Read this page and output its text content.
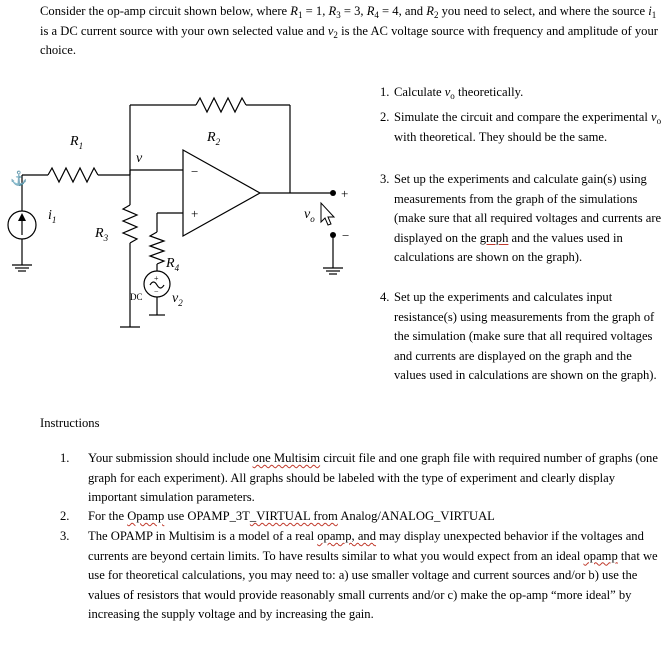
Consider the op-amp circuit shown below, where $R_1 = 1$, $R_3 = 3$, $R_4 = 4$, and $R_2$ you need to select, and where the source $i_1$ is a DC current source with your own selected value and $v_2$ is the AC voltage source with frequency and amplitude of your choice.
⚓
$R_1$
$R_2$
$R_3$
$R_4$
v
$i_1$	$v_o$
$v_2$
DC
+
−
−
+
+
−
1. Calculate $v_o$ theoretically.
2. Simulate the circuit and compare the experimental $v_o$ with theoretical. They should be the same.
3. Set up the experiments and calculate gain(s) using measurements from the graph of the simulations (make sure that all required voltages and currents are displayed on the graph and the values used in calculations are shown on the graph).
4. Set up the experiments and calculates input resistance(s) using measurements from the graph of the simulation (make sure that all required voltages and currents are displayed on the graph and the values used in calculations are shown on the graph).
Instructions
1. Your submission should include one Multisim circuit file and one graph file with required number of graphs (one graph for each experiment). All graphs should be labeled with the type of experiment and clearly display important simulation parameters.
2. For the Opamp use OPAMP_3T_VIRTUAL from Analog/ANALOG_VIRTUAL
3. The OPAMP in Multisim is a model of a real opamp, and may display unexpected behavior if the voltages and currents are beyond certain limits. To have results similar to what you would expect from an ideal opamp that we use for theoretical calculations, you may need to: a) use smaller voltage and current sources and/or b) use the values of resistors that would provide reasonably small currents and/or c) make the op-amp “more ideal” by increasing the supply voltage and by increasing the gain.
